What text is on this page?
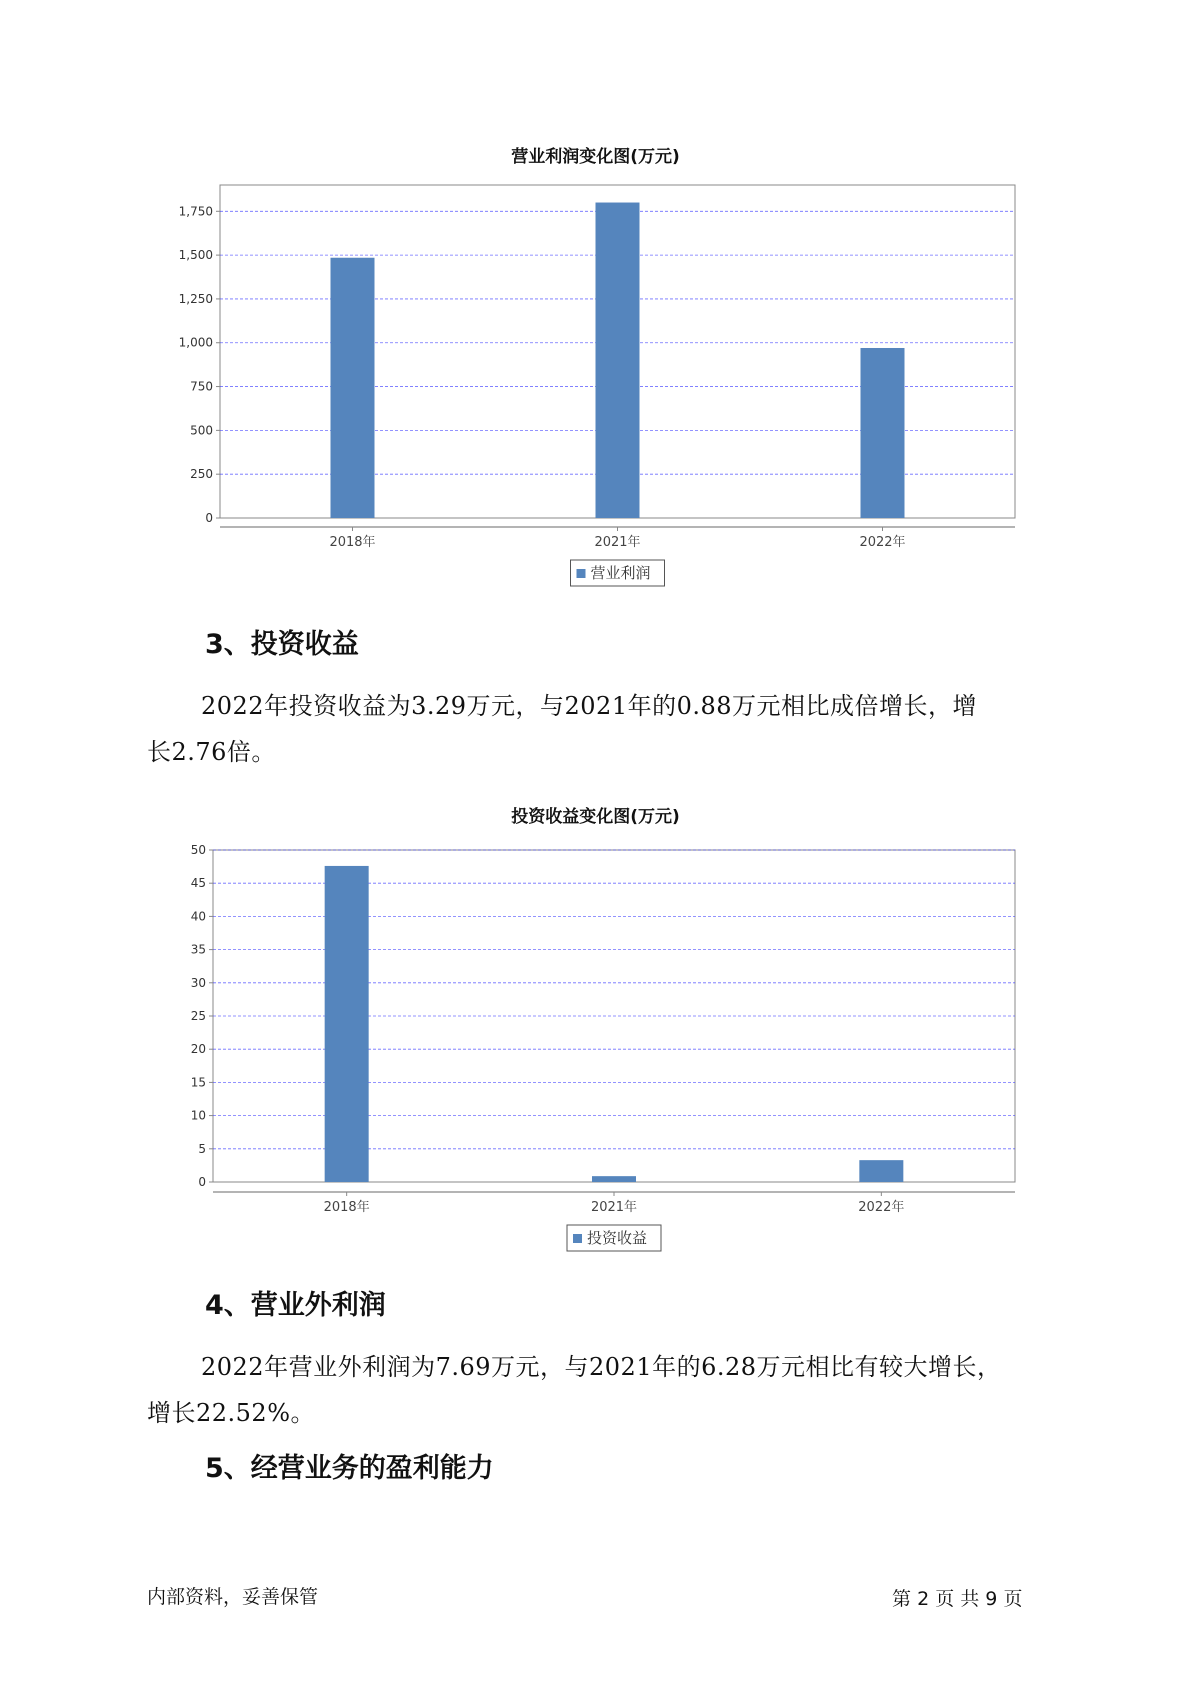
营业利润变化图(万元)
0
250
500
750
1,000
1,250
1,500
1,750
2018年	2021年	2022年
营业利润
3、投资收益
2022年投资收益为3.29万元，与2021年的0.88万元相比成倍增长，增
长2.76倍。
投资收益变化图(万元)
0
5
10
15
20
25
30
35
40
45
50
2018年	2021年	2022年
投资收益
4、营业外利润
2022年营业外利润为7.69万元，与2021年的6.28万元相比有较大增长，
增长22.52%。
5、经营业务的盈利能力
内部资料，妥善保管	第 2 页 共 9 页
